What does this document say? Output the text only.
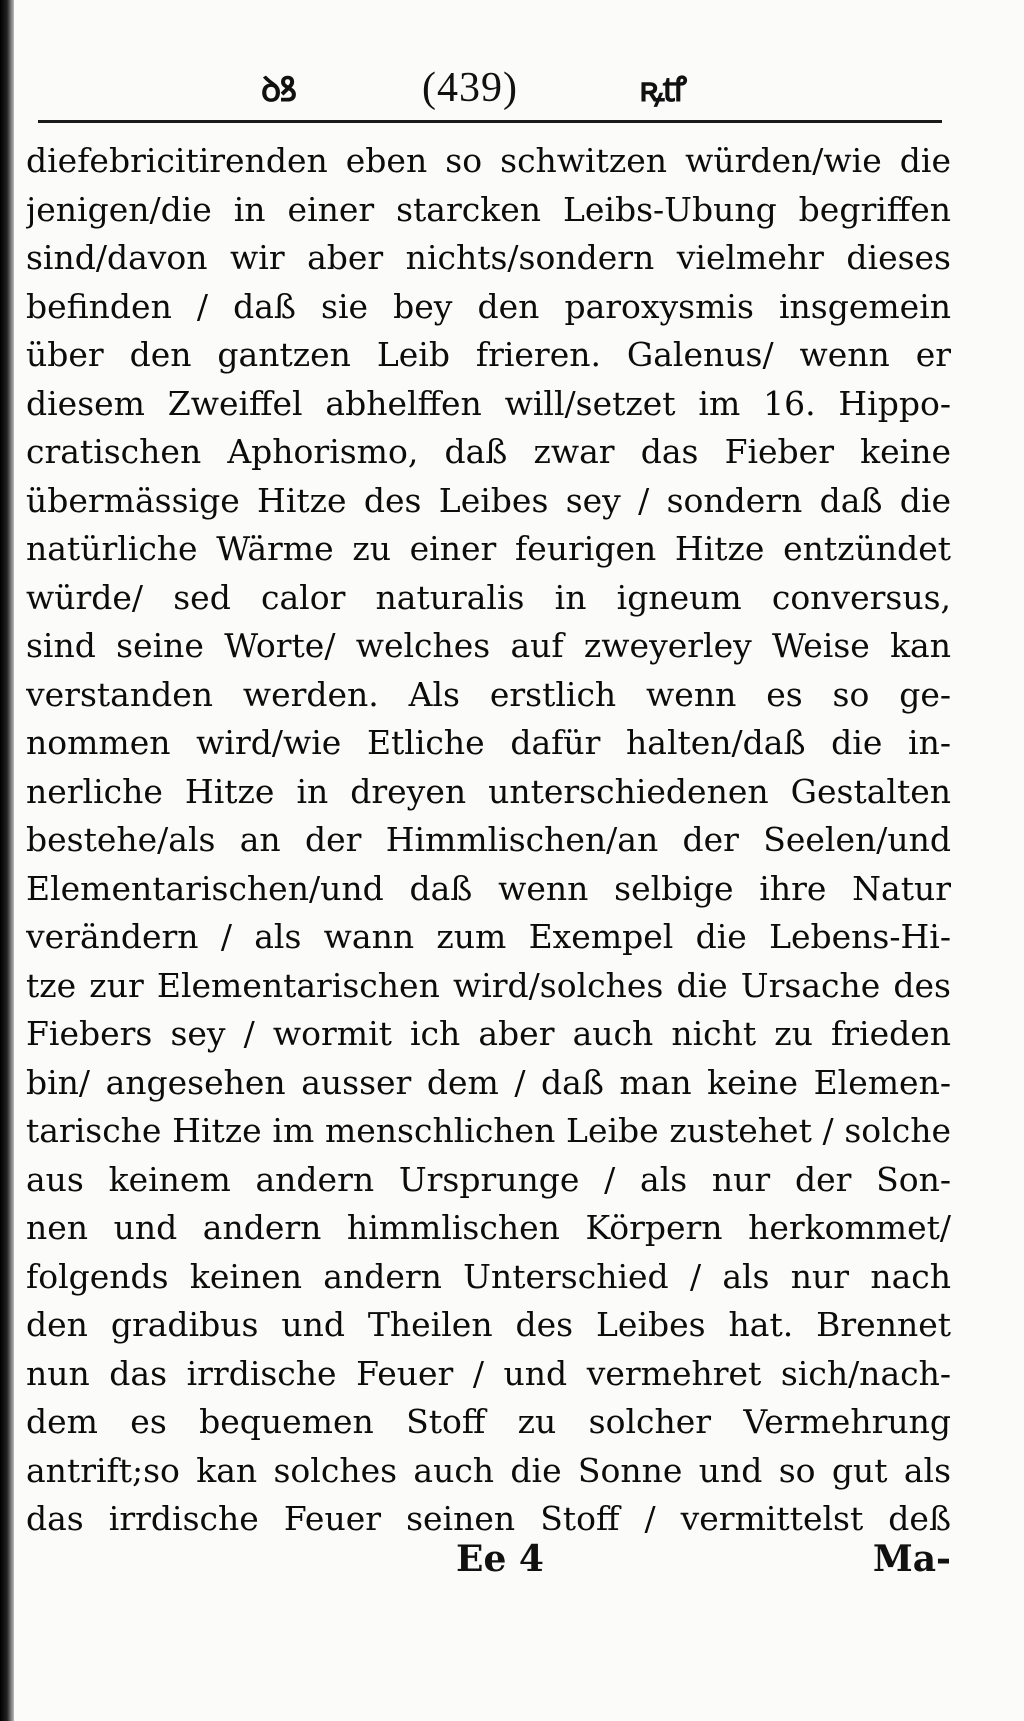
ꝺꝸ	(439)	ꝶꝷ
diefebricitirenden eben so schwitzen würden/wie die
jenigen/die in einer starcken Leibs-Ubung begriffen
sind/davon wir aber nichts/sondern vielmehr dieses
befinden / daß sie bey den paroxysmis insgemein
über den gantzen Leib frieren. Galenus/ wenn er
diesem Zweiffel abhelffen will/setzet im 16. Hippo-
cratischen Aphorismo, daß zwar das Fieber keine
übermässige Hitze des Leibes sey / sondern daß die
natürliche Wärme zu einer feurigen Hitze entzündet
würde/ sed calor naturalis in igneum conversus,
sind seine Worte/ welches auf zweyerley Weise kan
verstanden werden. Als erstlich wenn es so ge-
nommen wird/wie Etliche dafür halten/daß die in-
nerliche Hitze in dreyen unterschiedenen Gestalten
bestehe/als an der Himmlischen/an der Seelen/und
Elementarischen/und daß wenn selbige ihre Natur
verändern / als wann zum Exempel die Lebens-Hi-
tze zur Elementarischen wird/solches die Ursache des
Fiebers sey / wormit ich aber auch nicht zu frieden
bin/ angesehen ausser dem / daß man keine Elemen-
tarische Hitze im menschlichen Leibe zustehet / solche
aus keinem andern Ursprunge / als nur der Son-
nen und andern himmlischen Körpern herkommet/
folgends keinen andern Unterschied / als nur nach
den gradibus und Theilen des Leibes hat. Brennet
nun das irrdische Feuer / und vermehret sich/nach-
dem es bequemen Stoff zu solcher Vermehrung
antrift;so kan solches auch die Sonne und so gut als
das irrdische Feuer seinen Stoff / vermittelst deß
Ee 4	Ma-
